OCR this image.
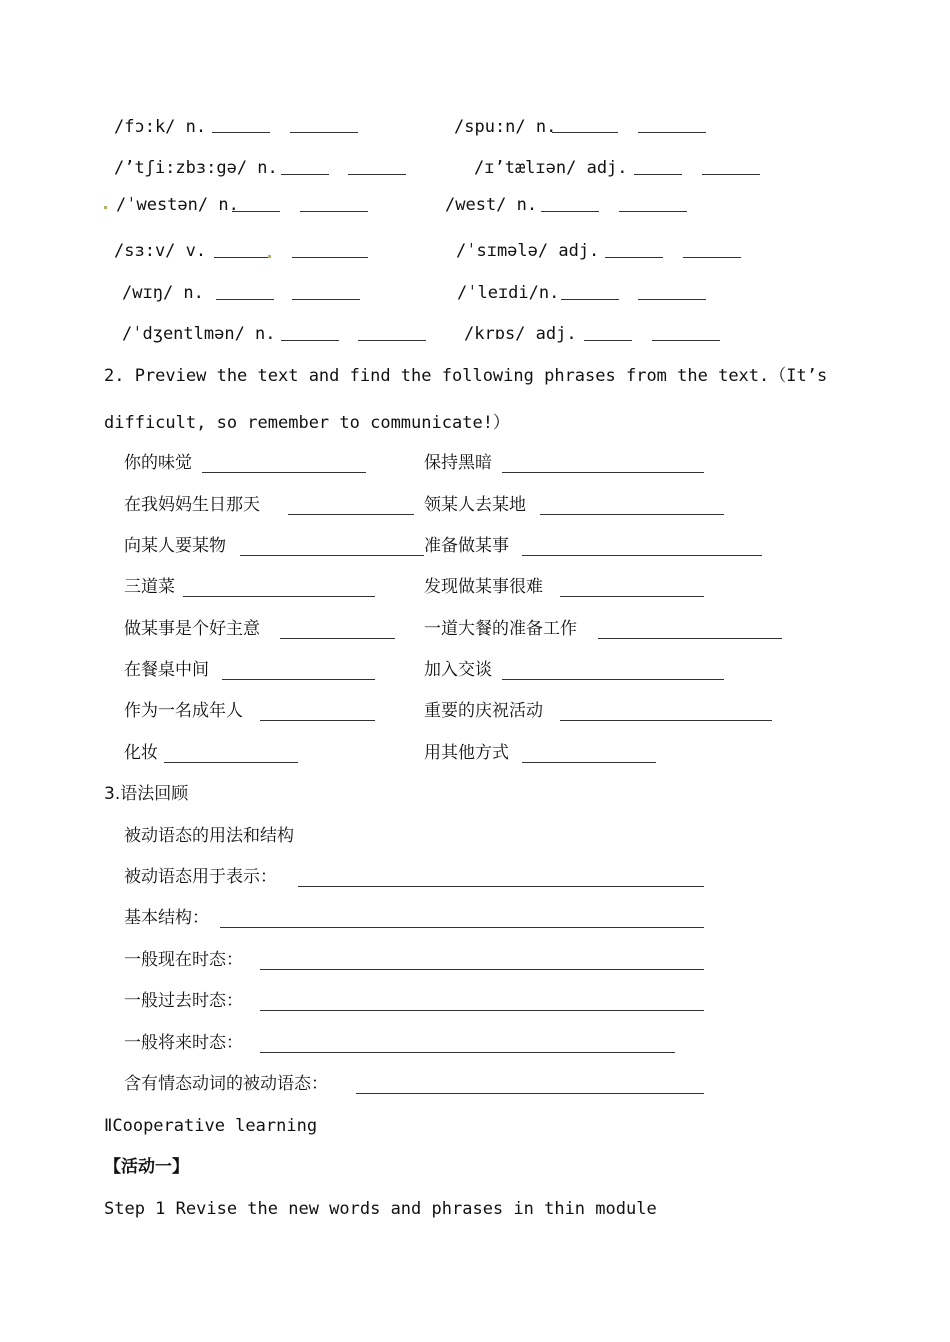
/fɔ:k/ n.	/spu:n/ n.
/’tʃi:zbɜ:gə/ n.	/ɪ’tælɪən/ adj.
/ˈwestən/ n.	/west/ n.
/sɜ:v/ v.	/ˈsɪmələ/ adj.
/wɪŋ/ n.	/ˈleɪdi/n.
/ˈdʒentlmən/ n.	/krɒs/ adj.
2. Preview the text and find the following phrases from the text.（It’s
difficult, so remember to communicate!）
你的味觉	保持黑暗
在我妈妈生日那天	领某人去某地
向某人要某物	准备做某事
三道菜	发现做某事很难
做某事是个好主意	一道大餐的准备工作
在餐桌中间	加入交谈
作为一名成年人	重要的庆祝活动
化妆	用其他方式
3.语法回顾
被动语态的用法和结构
被动语态用于表示：
基本结构：
一般现在时态：
一般过去时态：
一般将来时态：
含有情态动词的被动语态：
ⅡCooperative learning
【活动一】
Step 1 Revise the new words and phrases in thin module
